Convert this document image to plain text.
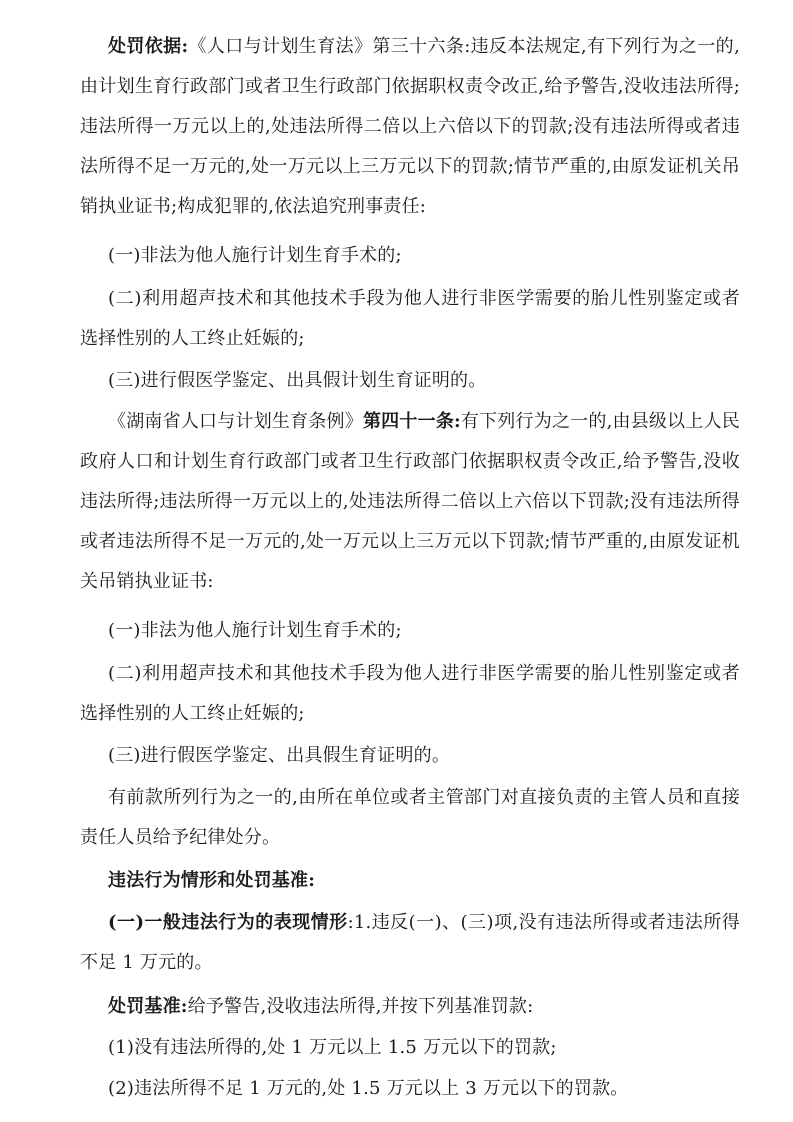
处罚依据:《人口与计划生育法》第三十六条:违反本法规定,有下列行为之一的,由计划生育行政部门或者卫生行政部门依据职权责令改正,给予警告,没收违法所得;违法所得一万元以上的,处违法所得二倍以上六倍以下的罚款;没有违法所得或者违法所得不足一万元的,处一万元以上三万元以下的罚款;情节严重的,由原发证机关吊销执业证书;构成犯罪的,依法追究刑事责任:

(一)非法为他人施行计划生育手术的;

(二)利用超声技术和其他技术手段为他人进行非医学需要的胎儿性别鉴定或者选择性别的人工终止妊娠的;

(三)进行假医学鉴定、出具假计划生育证明的。

《湖南省人口与计划生育条例》第四十一条:有下列行为之一的,由县级以上人民政府人口和计划生育行政部门或者卫生行政部门依据职权责令改正,给予警告,没收违法所得;违法所得一万元以上的,处违法所得二倍以上六倍以下罚款;没有违法所得或者违法所得不足一万元的,处一万元以上三万元以下罚款;情节严重的,由原发证机关吊销执业证书:

(一)非法为他人施行计划生育手术的;

(二)利用超声技术和其他技术手段为他人进行非医学需要的胎儿性别鉴定或者选择性别的人工终止妊娠的;

(三)进行假医学鉴定、出具假生育证明的。

有前款所列行为之一的,由所在单位或者主管部门对直接负责的主管人员和直接责任人员给予纪律处分。

违法行为情形和处罚基准:

(一)一般违法行为的表现情形:1.违反(一)、(三)项,没有违法所得或者违法所得不足 1 万元的。

处罚基准:给予警告,没收违法所得,并按下列基准罚款:

(1)没有违法所得的,处 1 万元以上 1.5 万元以下的罚款;

(2)违法所得不足 1 万元的,处 1.5 万元以上 3 万元以下的罚款。
